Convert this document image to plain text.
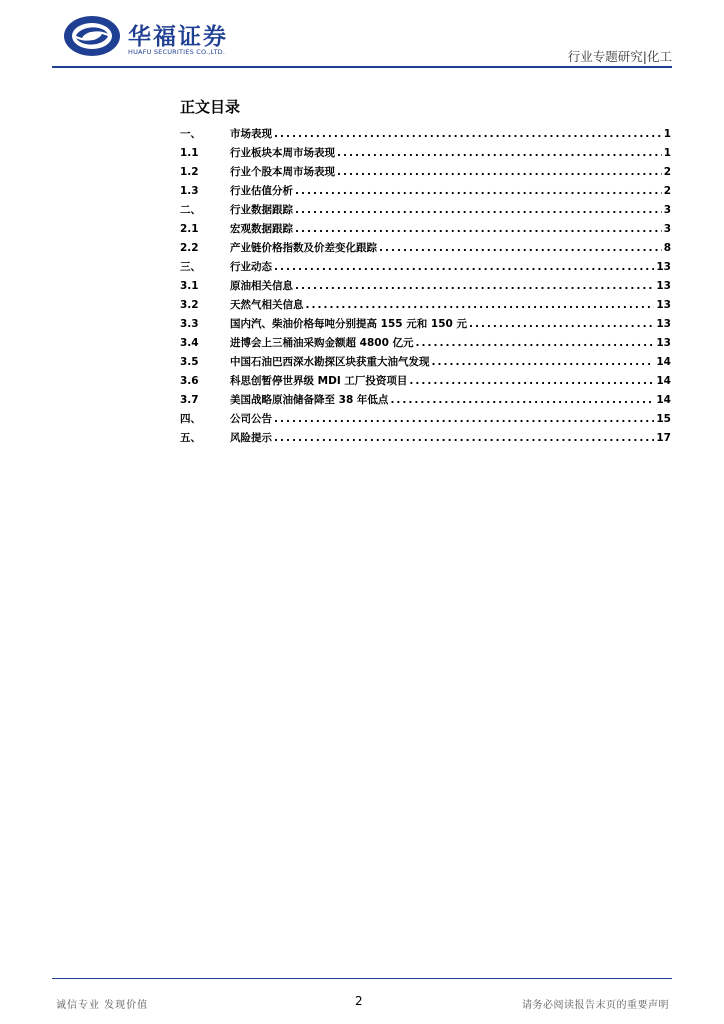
华福证券
HUAFU SECURITIES CO.,LTD.	行业专题研究|化工
正文目录
一、	市场表现 .....	1
1.1	行业板块本周市场表现 .....	1
1.2	行业个股本周市场表现 .....	2
1.3	行业估值分析 .....	2
二、	行业数据跟踪 .....	3
2.1	宏观数据跟踪 .....	3
2.2	产业链价格指数及价差变化跟踪 .....	8
三、	行业动态 .....	13
3.1	原油相关信息 .....	13
3.2	天然气相关信息 .....	13
3.3	国内汽、柴油价格每吨分别提高 155 元和 150 元 .....	13
3.4	进博会上三桶油采购金额超 4800 亿元 .....	13
3.5	中国石油巴西深水勘探区块获重大油气发现 .....	14
3.6	科思创暂停世界级 MDI 工厂投资项目 .....	14
3.7	美国战略原油储备降至 38 年低点 .....	14
四、	公司公告 .....	15
五、	风险提示 .....	17
诚信专业 发现价值	2	请务必阅读报告末页的重要声明
